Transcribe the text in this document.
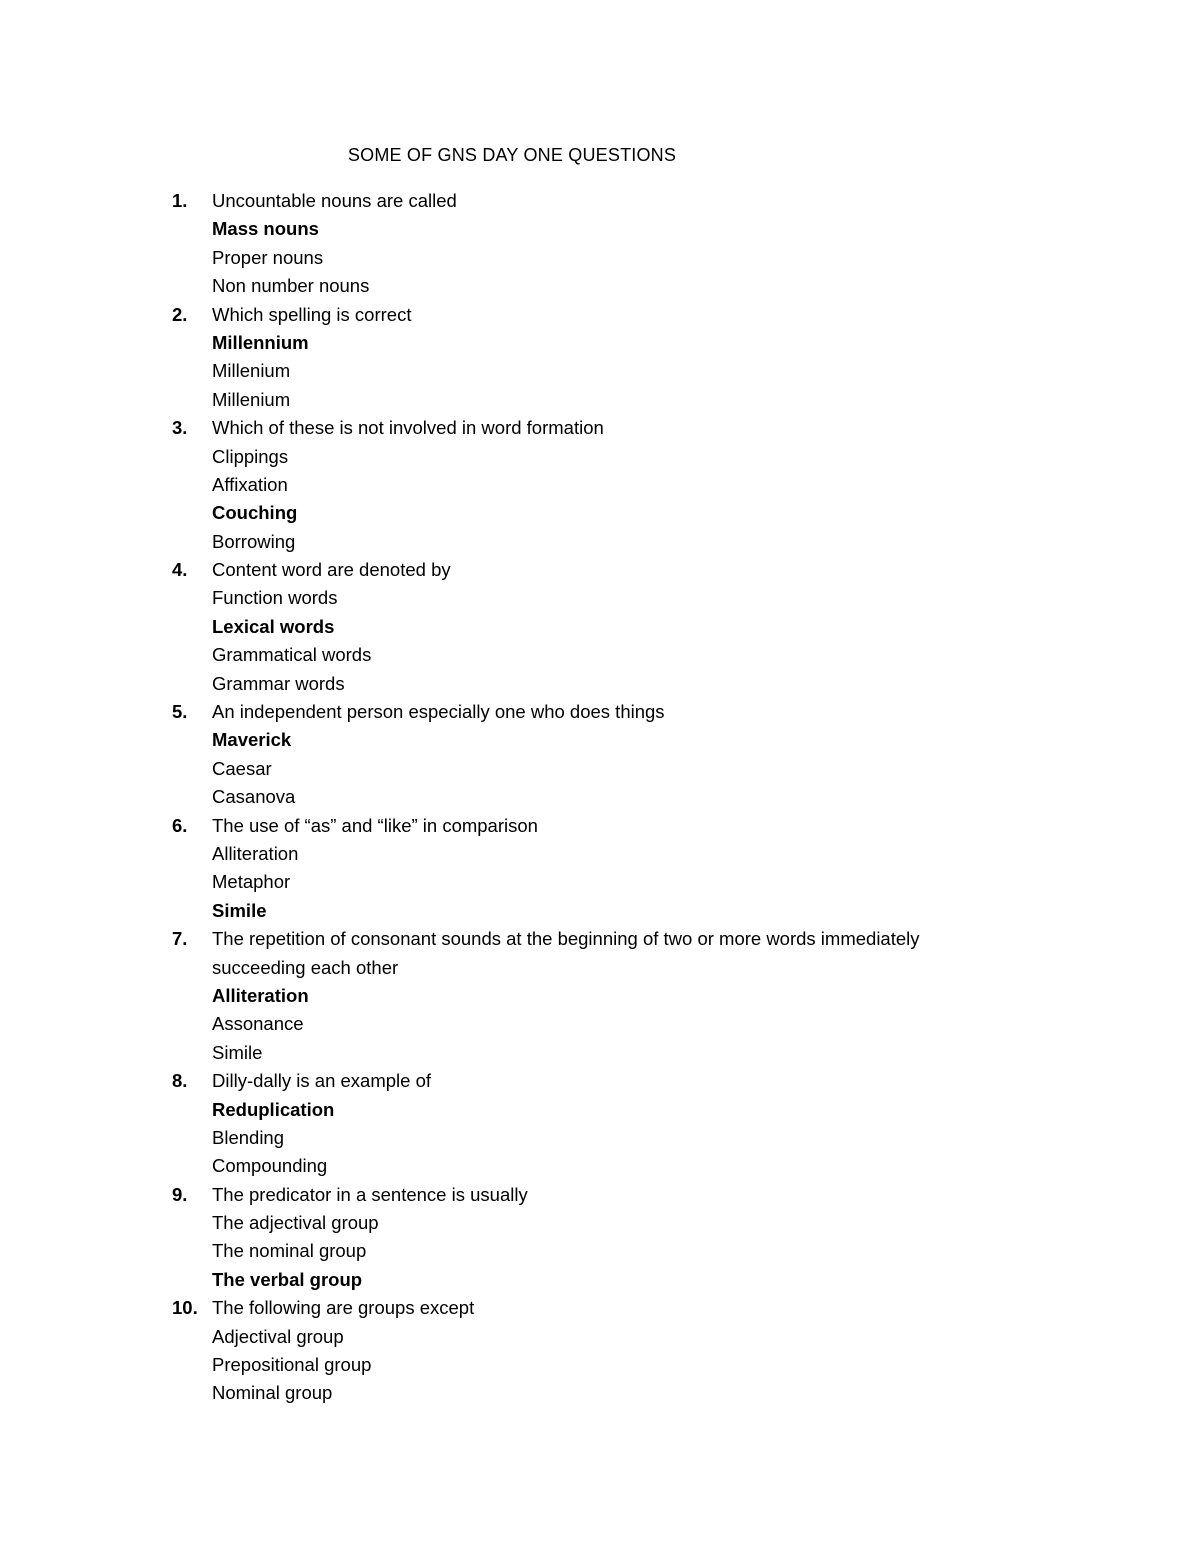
SOME OF GNS DAY ONE QUESTIONS
1.	Uncountable nouns are called
Mass nouns
Proper nouns
Non number nouns
2.	Which spelling is correct
Millennium
Millenium
Millenium
3.	Which of these is not involved in word formation
Clippings
Affixation
Couching
Borrowing
4.	Content word are denoted by
Function words
Lexical words
Grammatical words
Grammar words
5.	An independent person especially one who does things
Maverick
Caesar
Casanova
6.	The use of “as” and “like” in comparison
Alliteration
Metaphor
Simile
7.	The repetition of consonant sounds at the beginning of two or more words immediately
succeeding each other
Alliteration
Assonance
Simile
8.	Dilly-dally is an example of
Reduplication
Blending
Compounding
9.	The predicator in a sentence is usually
The adjectival group
The nominal group
The verbal group
10. The following are groups except
Adjectival group
Prepositional group
Nominal group
